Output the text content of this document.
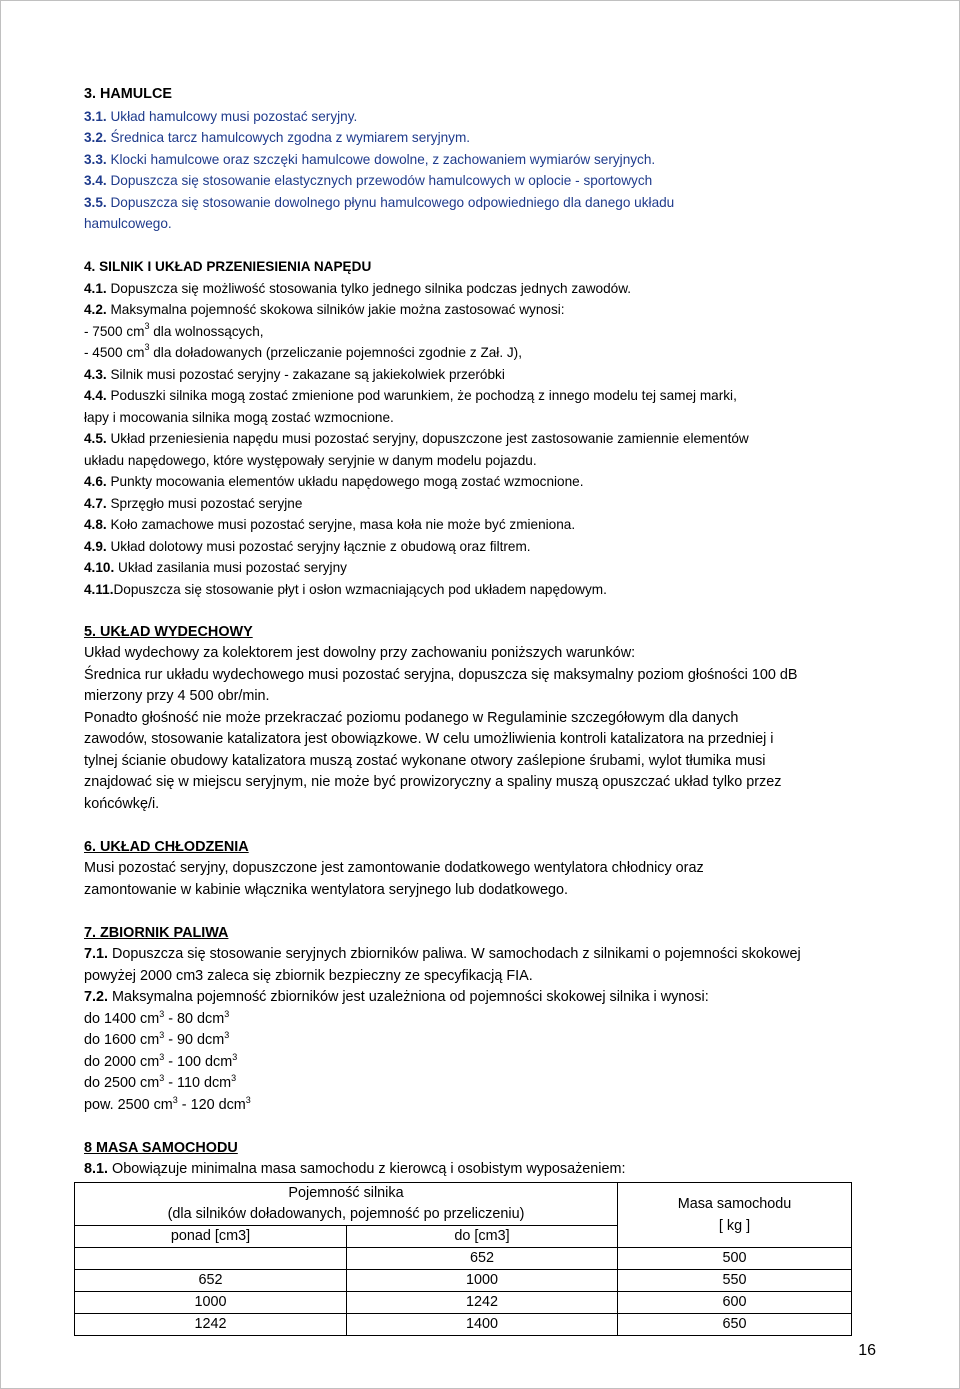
3. HAMULCE
3.1. Układ hamulcowy musi pozostać seryjny.
3.2. Średnica tarcz hamulcowych zgodna z wymiarem seryjnym.
3.3. Klocki hamulcowe oraz szczęki hamulcowe dowolne, z zachowaniem wymiarów seryjnych.
3.4. Dopuszcza się stosowanie elastycznych przewodów hamulcowych w oplocie - sportowych
3.5. Dopuszcza się stosowanie dowolnego płynu hamulcowego odpowiedniego dla danego układu
hamulcowego.
4. SILNIK I UKŁAD PRZENIESIENIA NAPĘDU
4.1. Dopuszcza się możliwość stosowania tylko jednego silnika podczas jednych zawodów.
4.2. Maksymalna pojemność skokowa silników jakie można zastosować wynosi:
- 7500 $cm^3$ dla wolnossących,
- 4500 $cm^3$ dla doładowanych (przeliczanie pojemności zgodnie z Zał. J),
4.3. Silnik musi pozostać seryjny - zakazane są jakiekolwiek przeróbki
4.4. Poduszki silnika mogą zostać zmienione pod warunkiem, że pochodzą z innego modelu tej samej marki,
łapy i mocowania silnika mogą zostać wzmocnione.
4.5. Układ przeniesienia napędu musi pozostać seryjny, dopuszczone jest zastosowanie zamiennie elementów
układu napędowego, które występowały seryjnie w danym modelu pojazdu.
4.6. Punkty mocowania elementów układu napędowego mogą zostać wzmocnione.
4.7. Sprzęgło musi pozostać seryjne
4.8. Koło zamachowe musi pozostać seryjne, masa koła nie może być zmieniona.
4.9. Układ dolotowy musi pozostać seryjny łącznie z obudową oraz filtrem.
4.10. Układ zasilania musi pozostać seryjny
4.11.Dopuszcza się stosowanie płyt i osłon wzmacniających pod układem napędowym.
5. UKŁAD WYDECHOWY
Układ wydechowy za kolektorem jest dowolny przy zachowaniu poniższych warunków:
Średnica rur układu wydechowego musi pozostać seryjna, dopuszcza się maksymalny poziom głośności 100 dB
mierzony przy 4 500 obr/min.
Ponadto głośność nie może przekraczać poziomu podanego w Regulaminie szczegółowym dla danych
zawodów, stosowanie katalizatora jest obowiązkowe. W celu umożliwienia kontroli katalizatora na przedniej i
tylnej ścianie obudowy katalizatora muszą zostać wykonane otwory zaślepione śrubami, wylot tłumika musi
znajdować się w miejscu seryjnym, nie może być prowizoryczny a spaliny muszą opuszczać układ tylko przez
końcówkę/i.
6. UKŁAD CHŁODZENIA
Musi pozostać seryjny, dopuszczone jest zamontowanie dodatkowego wentylatora chłodnicy oraz
zamontowanie w kabinie włącznika wentylatora seryjnego lub dodatkowego.
7. ZBIORNIK PALIWA
7.1. Dopuszcza się stosowanie seryjnych zbiorników paliwa. W samochodach z silnikami o pojemności skokowej
powyżej 2000 cm3 zaleca się zbiornik bezpieczny ze specyfikacją FIA.
7.2. Maksymalna pojemność zbiorników jest uzależniona od pojemności skokowej silnika i wynosi:
do 1400 $cm^3 - 80$ dcm$^3$
do 1600 $cm^3 - 90$ dcm$^3$
do 2000 $cm^3 - 100$ dcm$^3$
do 2500 $cm^3 - 110$ dcm$^3$
pow. 2500 $cm^3 - 120$ dcm$^3$
8 MASA SAMOCHODU
8.1. Obowiązuje minimalna masa samochodu z kierowcą i osobistym wyposażeniem:
Pojemność silnika		Masa samochodu
[ kg ]

(dla silników doładowanych, pojemność po przeliczeniu)		
ponad [cm3]	do [cm3]	
	652	500
652	1000	550
1000	1242	600
1242	1400	650
16
